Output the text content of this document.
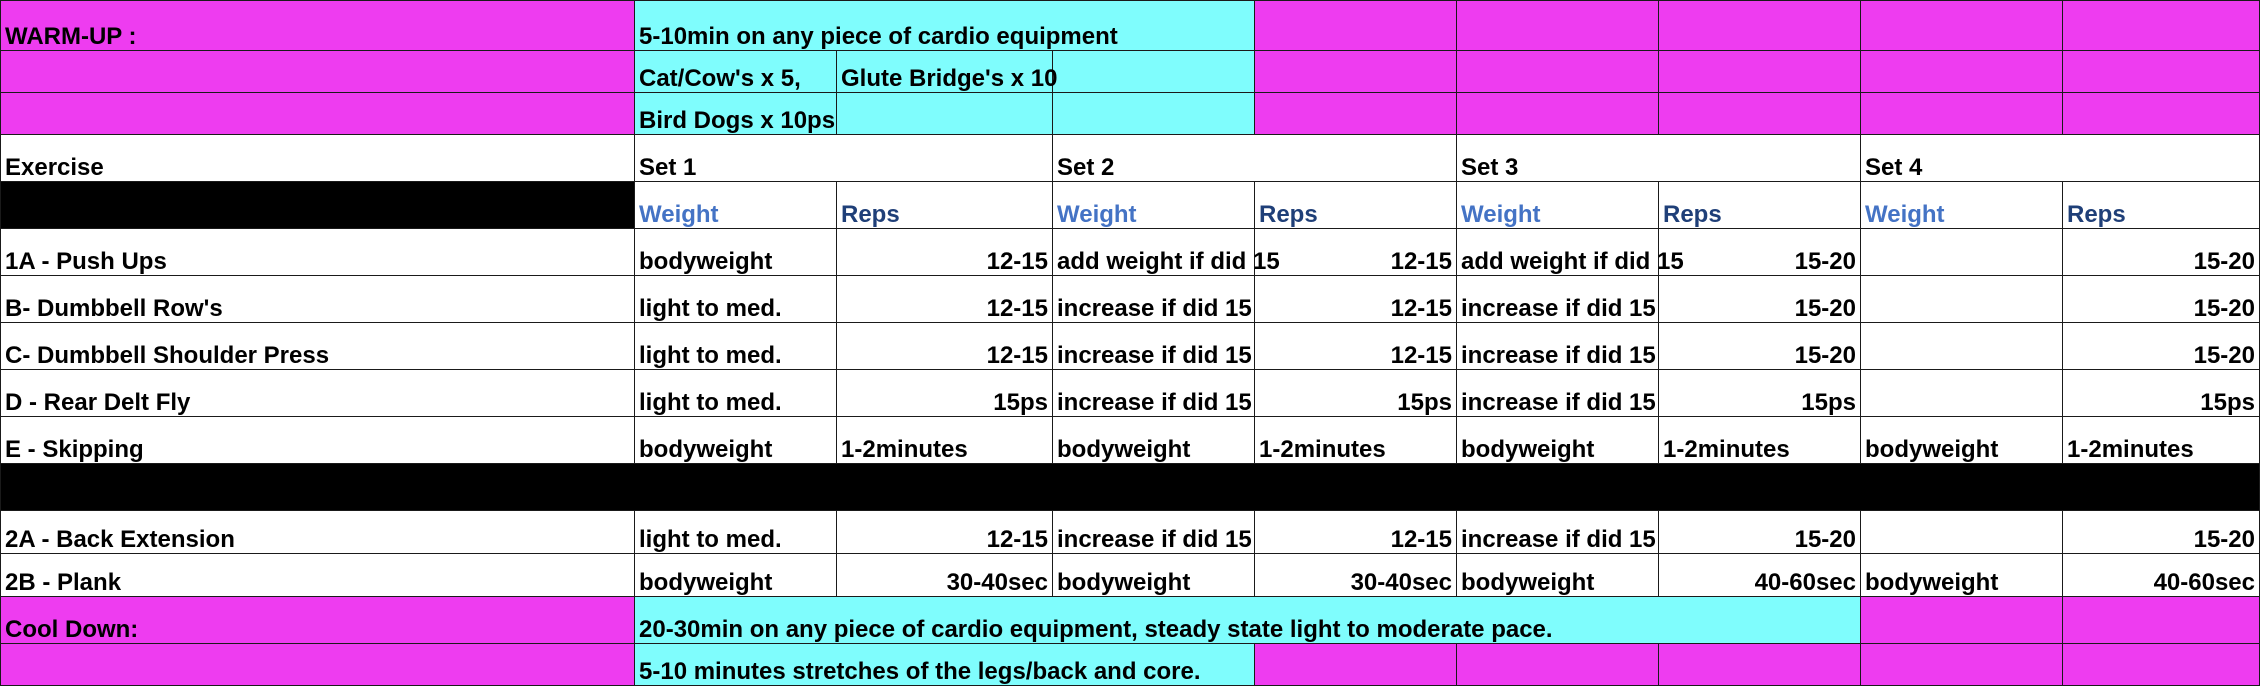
WARM-UP :	5-10min on any piece of cardio equipment							
	Cat/Cow's x 5,	Glute Bridge's x 10						
	Bird Dogs x 10ps							
Exercise	Set 1		Set 2		Set 3		Set 4	
	Weight	Reps	Weight	Reps	Weight	Reps	Weight	Reps
1A - Push Ups	bodyweight	12-15	add weight if did 15	12-15	add weight if did 15	15-20		15-20
B- Dumbbell Row's	light to med.	12-15	increase if did 15	12-15	increase if did 15	15-20		15-20
C- Dumbbell Shoulder Press	light to med.	12-15	increase if did 15	12-15	increase if did 15	15-20		15-20
D - Rear Delt Fly	light to med.	15ps	increase if did 15	15ps	increase if did 15	15ps		15ps
E - Skipping	bodyweight	1-2minutes	bodyweight	1-2minutes	bodyweight	1-2minutes	bodyweight	1-2minutes

2A - Back Extension	light to med.	12-15	increase if did 15	12-15	increase if did 15	15-20		15-20
2B - Plank	bodyweight	30-40sec	bodyweight	30-40sec	bodyweight	40-60sec	bodyweight	40-60sec
Cool Down:	20-30min on any piece of cardio equipment, steady state light to moderate pace.							
	5-10 minutes stretches of the legs/back and core.							
